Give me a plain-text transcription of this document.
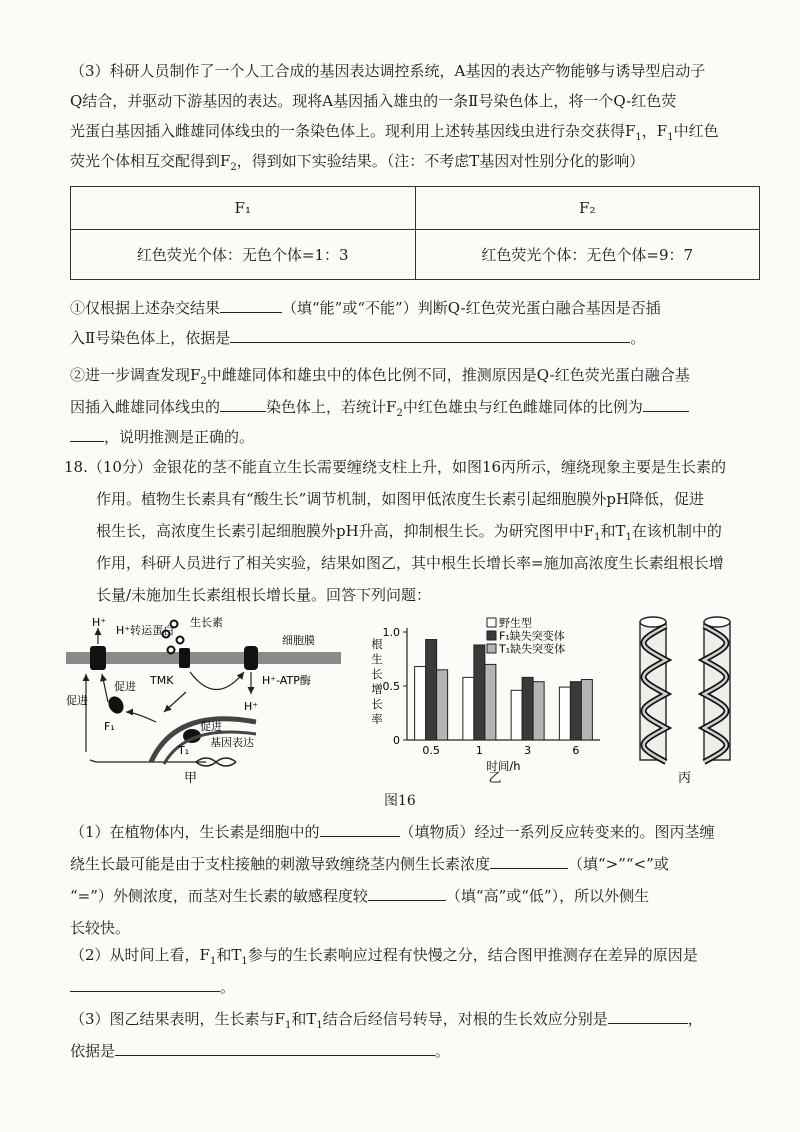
（3）科研人员制作了一个人工合成的基因表达调控系统，A基因的表达产物能够与诱导型启动子

Q结合，并驱动下游基因的表达。现将A基因插入雄虫的一条Ⅱ号染色体上，将一个Q-红色荧

光蛋白基因插入雌雄同体线虫的一条染色体上。现利用上述转基因线虫进行杂交获得$F_1$，$F_1$中红色

荧光个体相互交配得到$F_2$，得到如下实验结果。（注：不考虑T基因对性别分化的影响）

F₁	F₂
红色荧光个体：无色个体=1：3	红色荧光个体：无色个体=9：7

①仅根据上述杂交结果	（填“能”或“不能”）判断Q-红色荧光蛋白融合基因是否插

入Ⅱ号染色体上，依据是	。

②进一步调查发现$F_2$中雌雄同体和雄虫中的体色比例不同，推测原因是Q-红色荧光蛋白融合基

因插入雌雄同体线虫的	染色体上，若统计$F_2$中红色雄虫与红色雌雄同体的比例为

，说明推测是正确的。

18.（10分）金银花的茎不能直立生长需要缠绕支柱上升，如图16丙所示，缠绕现象主要是生长素的

作用。植物生长素具有“酸生长”调节机制，如图甲低浓度生长素引起细胞膜外pH降低，促进

根生长，高浓度生长素引起细胞膜外pH升高，抑制根生长。为研究图甲中$F_1$和$T_1$在该机制中的

作用，科研人员进行了相关实验，结果如图乙，其中根生长增长率=施加高浓度生长素组根长增

长量/未施加生长素组根长增长量。回答下列问题：

H⁺
H⁺转运蛋白
生长素
细胞膜
H⁺-ATP酶
TMK
H⁺
促进
促进
促进
F₁
T₁
基因表达
甲
0
0.5
1.0
根
生
长
增
长
率
0.5	1	3	6
时间/h
野生型
F₁缺失突变体
T₁缺失突变体
乙	丙
图16

（1）在植物体内，生长素是细胞中的	（填物质）经过一系列反应转变来的。图丙茎缠

绕生长最可能是由于支柱接触的刺激导致缠绕茎内侧生长素浓度	（填“>”“<”或

“=”）外侧浓度，而茎对生长素的敏感程度较	（填“高”或“低”），所以外侧生

长较快。

（2）从时间上看，$F_1$和$T_1$参与的生长素响应过程有快慢之分，结合图甲推测存在差异的原因是

。

（3）图乙结果表明，生长素与$F_1$和$T_1$结合后经信号转导，对根的生长效应分别是	，

依据是	。
